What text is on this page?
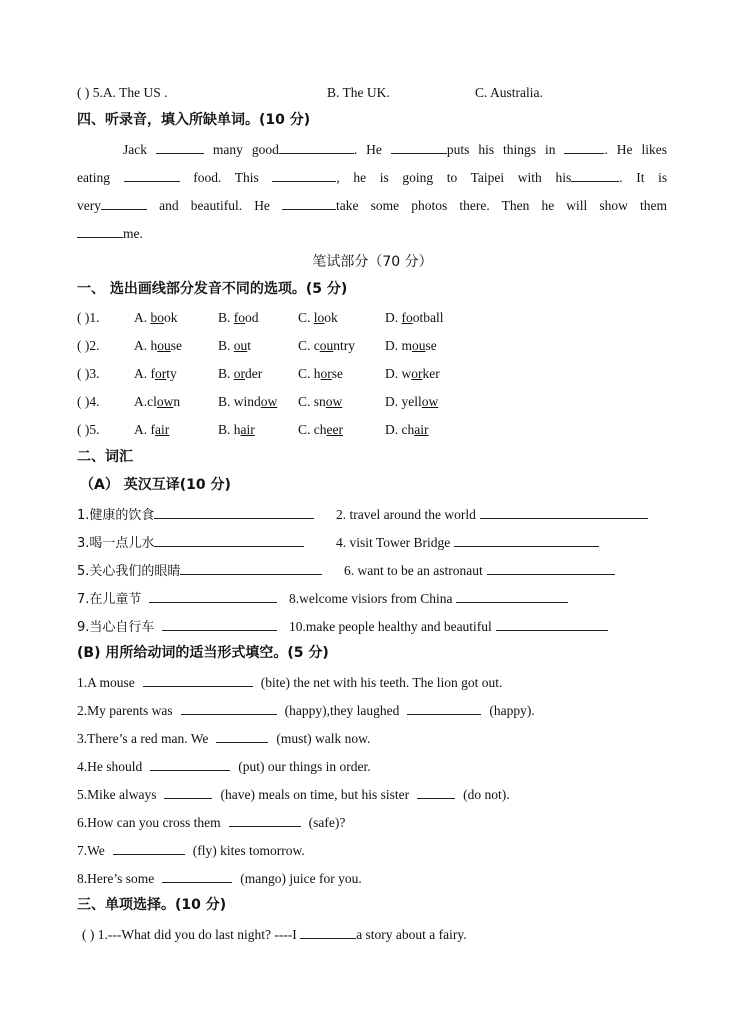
( ) 5.A. The US .	B. The UK.	C. Australia.
四、听录音，填入所缺单词。(10 分)
Jack	many good	. He	puts his things in	. He likes
eating	food. This	, he is going to Taipei with his	. It is
very	and beautiful. He	take some photos there. Then he will show them
me.
笔试部分（70 分）
一、 选出画线部分发音不同的选项。(5 分)
( )1.	A. book	B. food	C. look	D. football
( )2.	A. house	B. out	C. country D. mouse
( )3.	A. forty	B. order	C. horse	D. worker
( )4.	A.clown	B. window C. snow	D. yellow
( )5.	A. fair	B. hair	C. cheer	D. chair
二、词汇
（A） 英汉互译(10 分)
1.健康的饮食	2. travel around the world
3.喝一点儿水	4. visit Tower Bridge
5.关心我们的眼睛	6. want to be an astronaut
7.在儿童节	8.welcome visiors from China
9.当心自行车	10.make people healthy and beautiful
(B) 用所给动词的适当形式填空。(5 分)
1.A mouse	(bite) the net with his teeth. The lion got out.
2.My parents was	(happy),they laughed	(happy).
3.There’s a red man. We	(must) walk now.
4.He should	(put) our things in order.
5.Mike always	(have) meals on time, but his sister	(do not).
6.How can you cross them	(safe)?
7.We	(fly) kites tomorrow.
8.Here’s some	(mango) juice for you.
三、单项选择。(10 分)
( ) 1.---What did you do last night? ----I	a story about a fairy.
